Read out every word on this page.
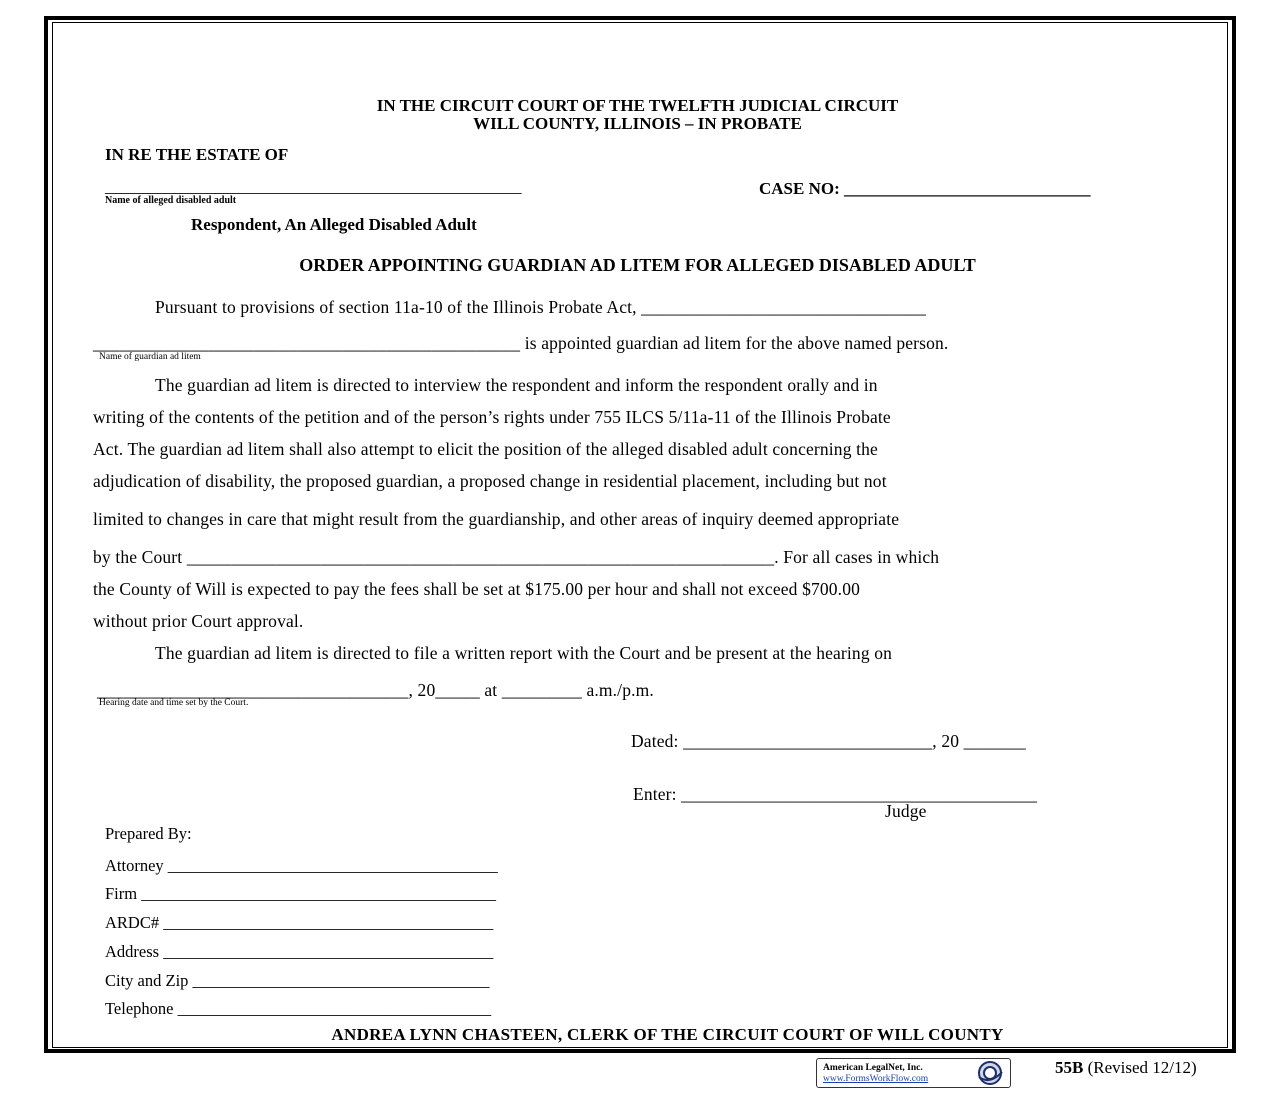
IN THE CIRCUIT COURT OF THE TWELFTH JUDICIAL CIRCUIT
WILL COUNTY, ILLINOIS – IN PROBATE
IN RE THE ESTATE OF
_________________________________________________
Name of alleged disabled adult
CASE NO: _____________________________
Respondent, An Alleged Disabled Adult
ORDER APPOINTING GUARDIAN AD LITEM FOR ALLEGED DISABLED ADULT
Pursuant to provisions of section 11a-10 of the Illinois Probate Act, ________________________________
________________________________________________ is appointed guardian ad litem for the above named person.
Name of guardian ad litem
The guardian ad litem is directed to interview the respondent and inform the respondent orally and in
writing of the contents of the petition and of the person’s rights under 755 ILCS 5/11a-11 of the Illinois Probate
Act. The guardian ad litem shall also attempt to elicit the position of the alleged disabled adult concerning the
adjudication of disability, the proposed guardian, a proposed change in residential placement, including but not
limited to changes in care that might result from the guardianship, and other areas of inquiry deemed appropriate
by the Court __________________________________________________________________. For all cases in which
the County of Will is expected to pay the fees shall be set at $175.00 per hour and shall not exceed $700.00
without prior Court approval.
The guardian ad litem is directed to file a written report with the Court and be present at the hearing on
___________________________________, 20_____ at _________ a.m./p.m.
Hearing date and time set by the Court.
Dated: ____________________________, 20 _______
Enter: ________________________________________
Judge
Prepared By:
Attorney ________________________________________
Firm ___________________________________________
ARDC# ________________________________________
Address ________________________________________
City and Zip ____________________________________
Telephone ______________________________________
ANDREA LYNN CHASTEEN, CLERK OF THE CIRCUIT COURT OF WILL COUNTY
American LegalNet, Inc.
www.FormsWorkFlow.com
55B (Revised 12/12)
